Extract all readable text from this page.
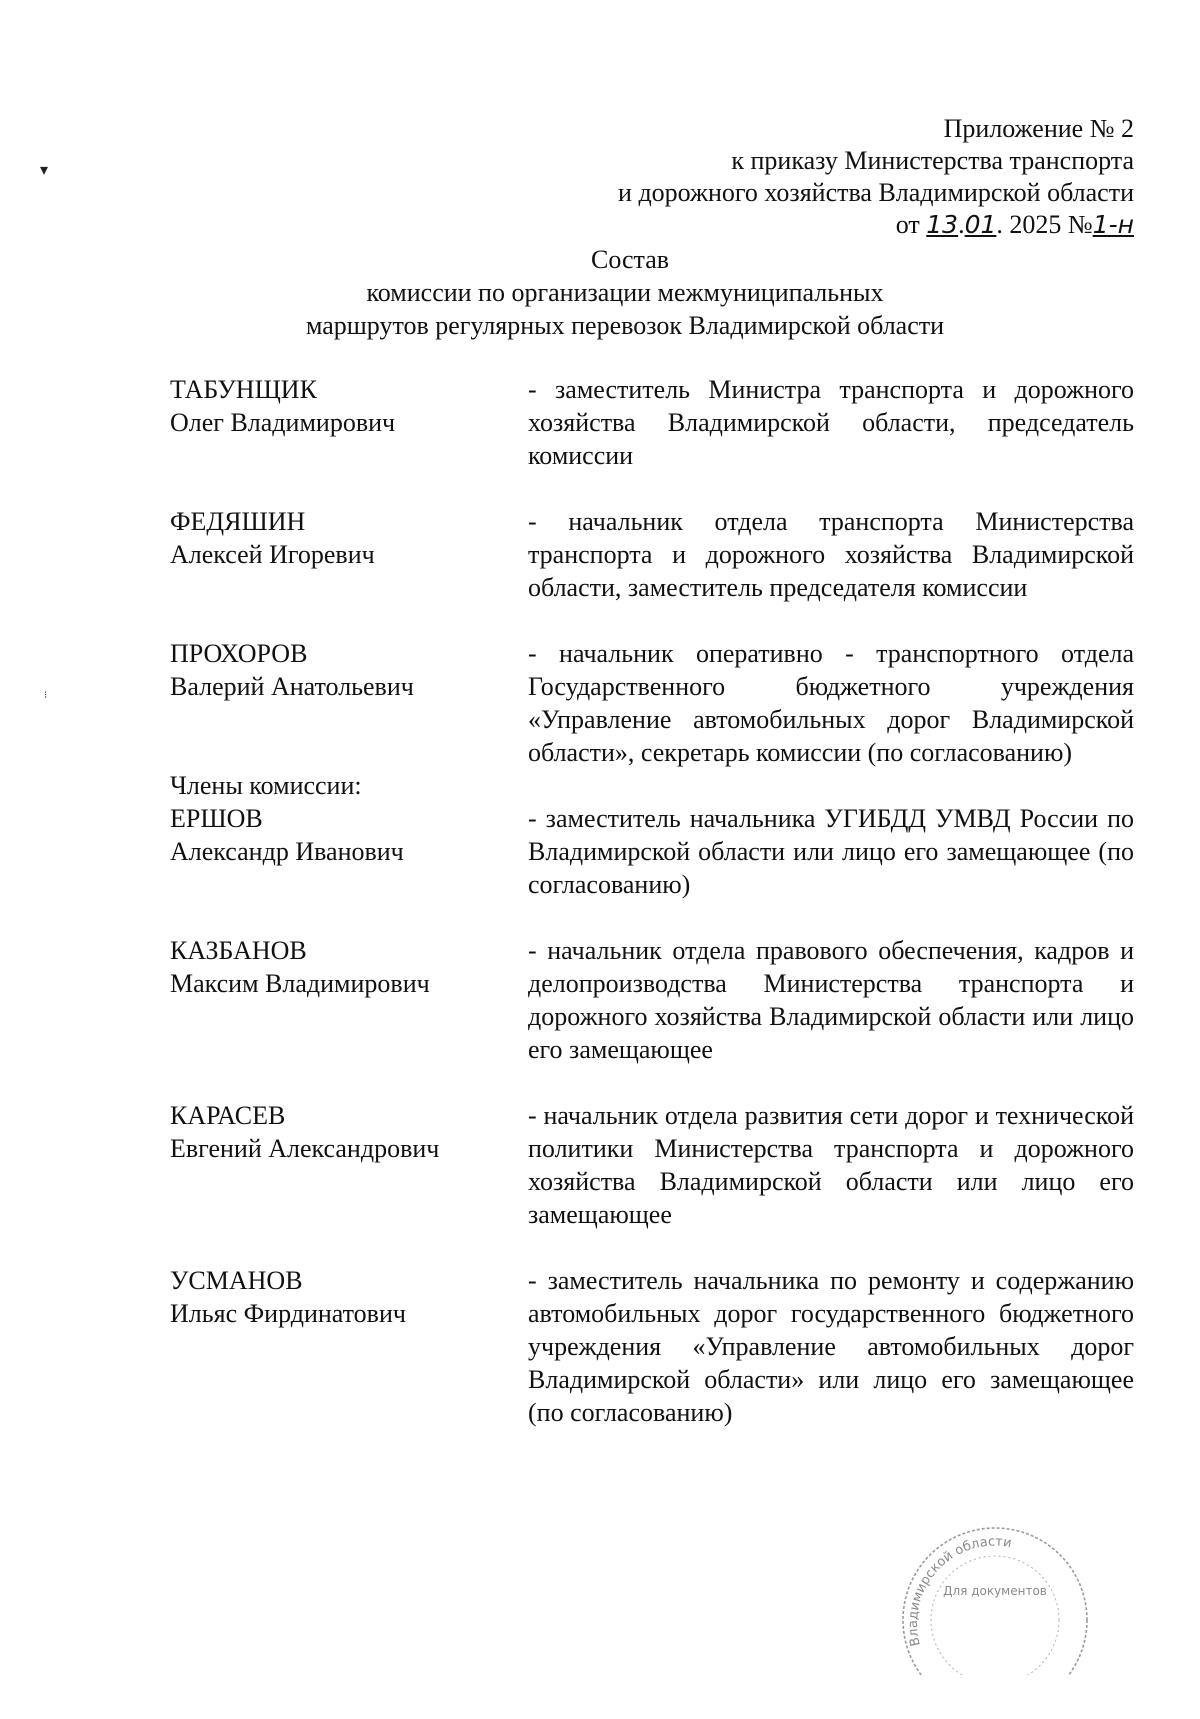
▾
⁝
Приложение № 2
к приказу Министерства транспорта
и дорожного хозяйства Владимирской области
от 13.01. 2025 №1-н
Состав
комиссии по организации межмуниципальных
маршрутов регулярных перевозок Владимирской области
ТАБУНЩИК
Олег Владимирович
- заместитель Министра транспорта и дорожного хозяйства Владимирской области, председатель комиссии
ФЕДЯШИН
Алексей Игоревич
- начальник отдела транспорта Министерства транспорта и дорожного хозяйства Владимирской области, заместитель председателя комиссии
ПРОХОРОВ
Валерий Анатольевич
- начальник оперативно - транспортного отдела Государственного бюджетного учреждения «Управление автомобильных дорог Владимирской области», секретарь комиссии (по согласованию)
Члены комиссии:
ЕРШОВ
Александр Иванович
- заместитель начальника УГИБДД УМВД России по Владимирской области или лицо его замещающее (по согласованию)
КАЗБАНОВ
Максим Владимирович
- начальник отдела правового обеспечения, кадров и делопроизводства Министерства транспорта и дорожного хозяйства Владимирской области или лицо его замещающее
КАРАСЕВ
Евгений Александрович
- начальник отдела развития сети дорог и технической политики Министерства транспорта и дорожного хозяйства Владимирской области или лицо его замещающее
УСМАНОВ
Ильяс Фирдинатович
- заместитель начальника по ремонту и содержанию автомобильных дорог государственного бюджетного учреждения «Управление автомобильных дорог Владимирской области» или лицо его замещающее (по согласованию)
Владимирской области
Для документов
